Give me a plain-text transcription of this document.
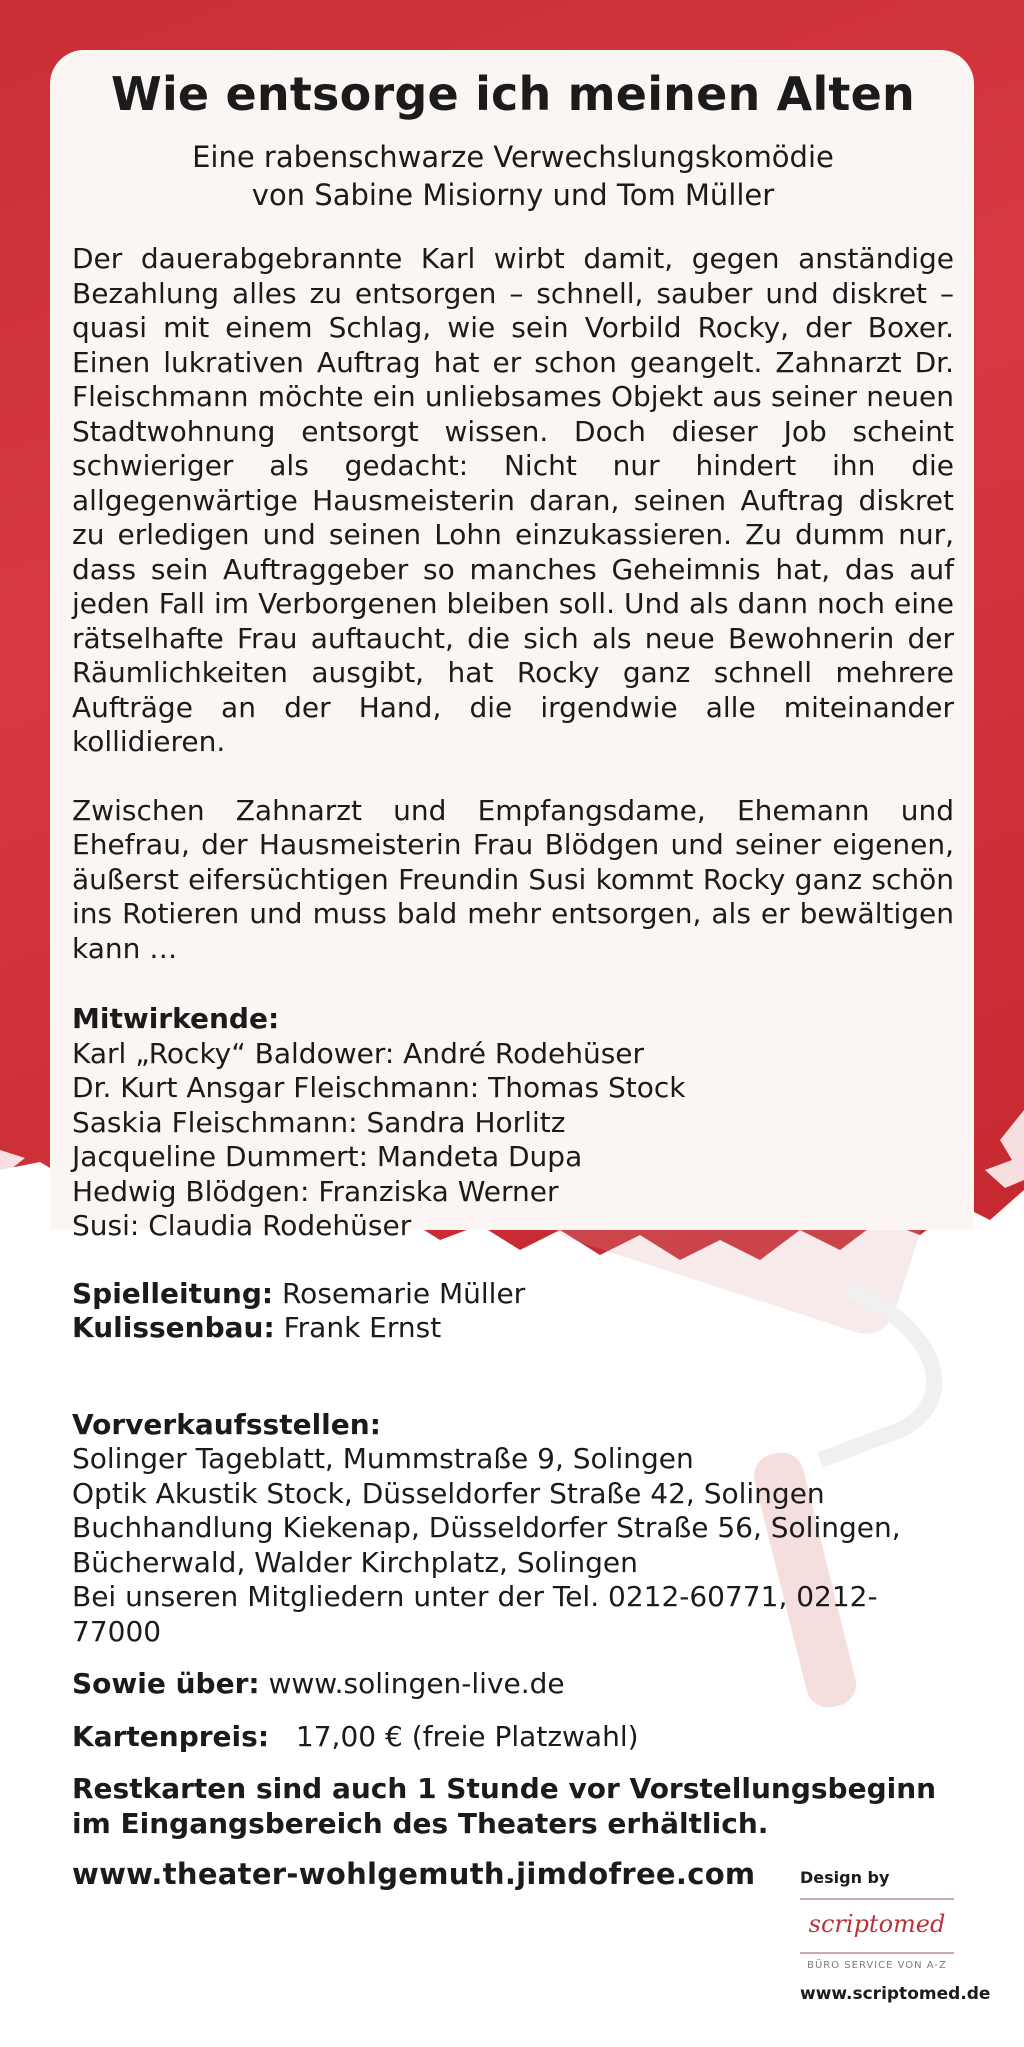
Wie entsorge ich meinen Alten
Eine rabenschwarze Verwechslungskomödie
von Sabine Misiorny und Tom Müller

Der dauerabgebrannte Karl wirbt damit, gegen anständige Bezahlung alles zu entsorgen – schnell, sauber und diskret – quasi mit einem Schlag, wie sein Vorbild Rocky, der Boxer. Einen lukrativen Auftrag hat er schon geangelt. Zahnarzt Dr. Fleischmann möchte ein unliebsames Objekt aus seiner neuen Stadtwohnung entsorgt wissen. Doch dieser Job scheint schwieriger als gedacht: Nicht nur hindert ihn die allgegenwärtige Hausmeisterin daran, seinen Auftrag diskret zu erledigen und seinen Lohn einzukassieren. Zu dumm nur, dass sein Auftraggeber so manches Geheimnis hat, das auf jeden Fall im Verborgenen bleiben soll. Und als dann noch eine rätselhafte Frau auftaucht, die sich als neue Bewohnerin der Räumlichkeiten ausgibt, hat Rocky ganz schnell mehrere Aufträge an der Hand, die irgendwie alle miteinander kollidieren.

Zwischen Zahnarzt und Empfangsdame, Ehemann und Ehefrau, der Hausmeisterin Frau Blödgen und seiner eigenen, äußerst eifersüchtigen Freundin Susi kommt Rocky ganz schön ins Rotieren und muss bald mehr entsorgen, als er bewältigen kann …

Mitwirkende:
Karl „Rocky“ Baldower: André Rodehüser
Dr. Kurt Ansgar Fleischmann: Thomas Stock
Saskia Fleischmann: Sandra Horlitz
Jacqueline Dummert: Mandeta Dupa
Hedwig Blödgen: Franziska Werner
Susi: Claudia Rodehüser
Spielleitung: Rosemarie Müller
Kulissenbau: Frank Ernst
Vorverkaufsstellen:
Solinger Tageblatt, Mummstraße 9, Solingen
Optik Akustik Stock, Düsseldorfer Straße 42, Solingen
Buchhandlung Kiekenap, Düsseldorfer Straße 56, Solingen,
Bücherwald, Walder Kirchplatz, Solingen
Bei unseren Mitgliedern unter der Tel. 0212-60771, 0212-77000
Sowie über: www.solingen-live.de
Kartenpreis: 17,00 € (freie Platzwahl)
Restkarten sind auch 1 Stunde vor Vorstellungsbeginn im Eingangsbereich des Theaters erhältlich.
www.theater-wohlgemuth.jimdofree.com	Design by
scriptomed
BÜRO SERVICE VON A-Z
www.scriptomed.de
